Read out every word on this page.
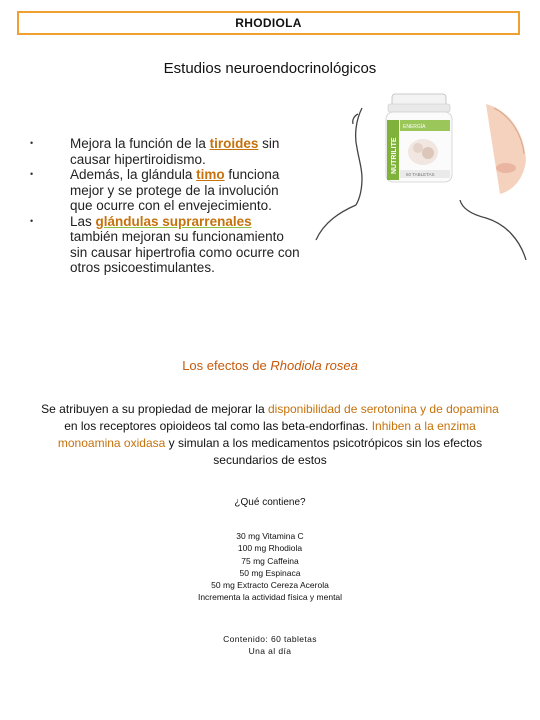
RHODIOLA
Estudios neuroendocrinológicos

•	Mejora la función de la tiroides sin causar hipertiroidismo.

•	Además, la glándula timo funciona mejor y se protege de la involución que ocurre con el envejecimiento.

•	Las glándulas suprarrenales también mejoran su funcionamiento sin causar hipertrofia como ocurre con otros psicoestimulantes.

NUTRILITE
ENERGÍA
60 TABLETAS
Los efectos de Rhodiola rosea
Se atribuyen a su propiedad de mejorar la disponibilidad de serotonina y de dopamina en los receptores opioideos tal como las beta-endorfinas. Inhiben a la enzima monoamina oxidasa y simulan a los medicamentos psicotrópicos sin los efectos secundarios de estos
¿Qué contiene?
30 mg Vitamina C
100 mg Rhodiola
75 mg Caffeina
50 mg Espinaca
50 mg Extracto Cereza Acerola
Incrementa la actividad física y mental
Contenido: 60 tabletas
Una al día
